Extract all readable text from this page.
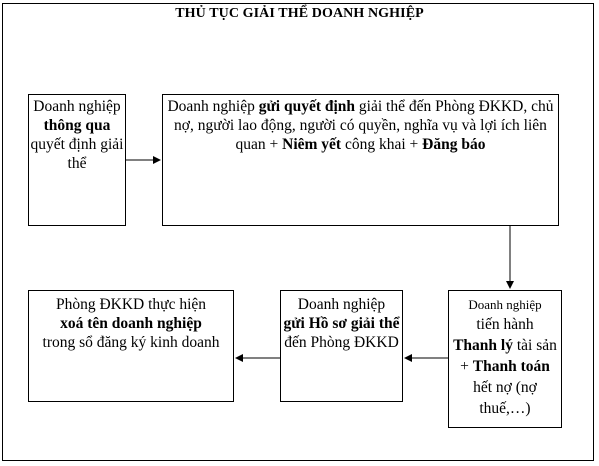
THỦ TỤC GIẢI THỂ DOANH NGHIỆP
Doanh nghiệp
thông qua
quyết định giải thể
Doanh nghiệp gửi quyết định giải thể đến Phòng ĐKKD, chủ nợ, người lao động, người có quyền, nghĩa vụ và lợi ích liên quan + Niêm yết công khai + Đăng báo
Doanh nghiệp
tiến hành
Thanh lý tài sản + Thanh toán hết nợ (nợ thuế,…)
Doanh nghiệp
gửi Hồ sơ giải thể đến Phòng ĐKKD
Phòng ĐKKD thực hiện
xoá tên doanh nghiệp
trong sổ đăng ký kinh doanh
